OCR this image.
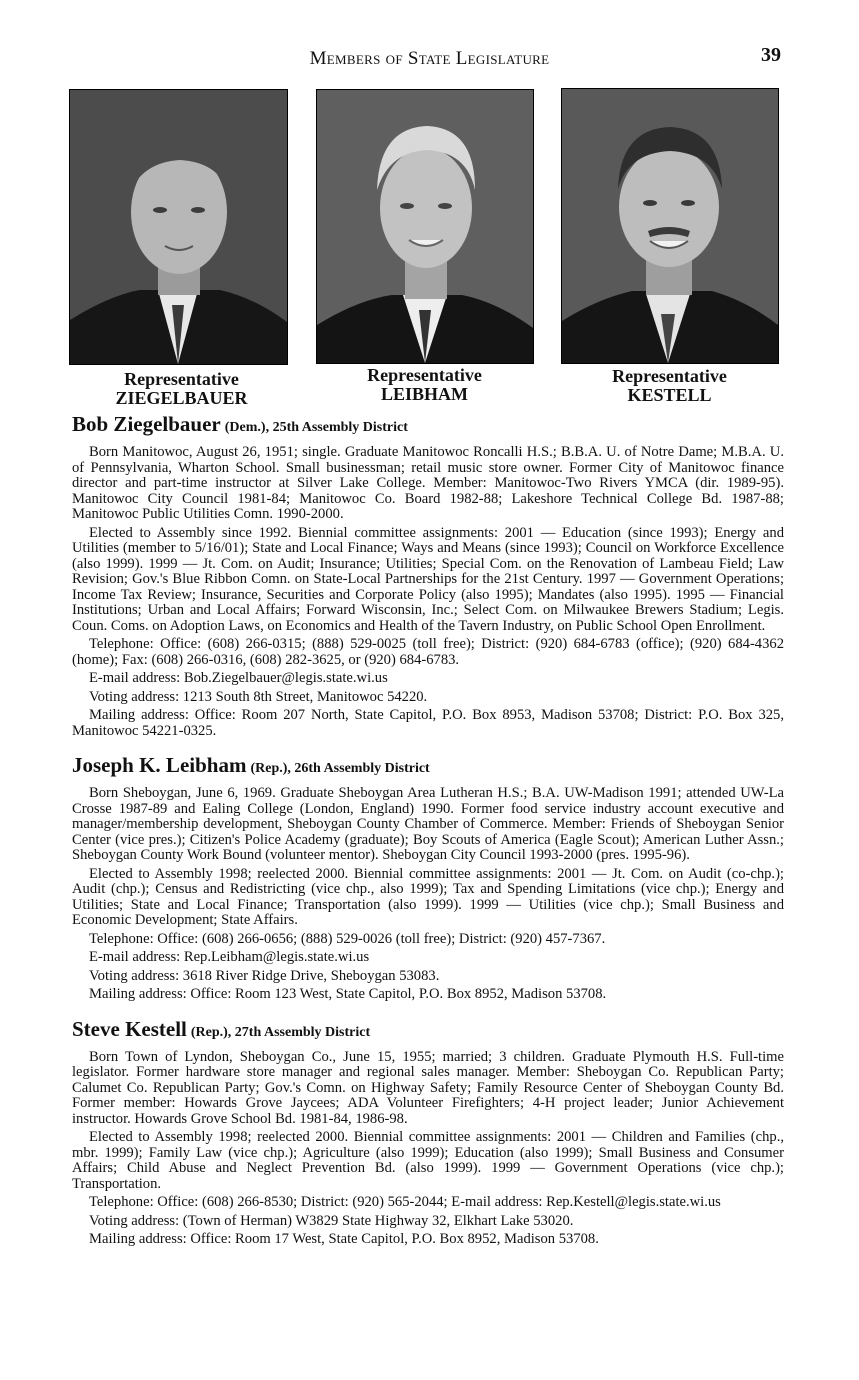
Members of State Legislature	39
Representative
ZIEGELBAUER
Representative
LEIBHAM
Representative
KESTELL
Bob Ziegelbauer (Dem.), 25th Assembly District

Born Manitowoc, August 26, 1951; single. Graduate Manitowoc Roncalli H.S.; B.B.A. U. of Notre Dame; M.B.A. U. of Pennsylvania, Wharton School. Small businessman; retail music store owner. Former City of Manitowoc finance director and part-time instructor at Silver Lake College. Member: Manitowoc-Two Rivers YMCA (dir. 1989-95). Manitowoc City Council 1981-84; Manitowoc Co. Board 1982-88; Lakeshore Technical College Bd. 1987-88; Manitowoc Public Utilities Comn. 1990-2000.

Elected to Assembly since 1992. Biennial committee assignments: 2001 — Education (since 1993); Energy and Utilities (member to 5/16/01); State and Local Finance; Ways and Means (since 1993); Council on Workforce Excellence (also 1999). 1999 — Jt. Com. on Audit; Insurance; Utilities; Special Com. on the Renovation of Lambeau Field; Law Revision; Gov.'s Blue Ribbon Comn. on State-Local Partnerships for the 21st Century. 1997 — Government Operations; Income Tax Review; Insurance, Securities and Corporate Policy (also 1995); Mandates (also 1995). 1995 — Financial Institutions; Urban and Local Affairs; Forward Wisconsin, Inc.; Select Com. on Milwaukee Brewers Stadium; Legis. Coun. Coms. on Adoption Laws, on Economics and Health of the Tavern Industry, on Public School Open Enrollment.

Telephone: Office: (608) 266-0315; (888) 529-0025 (toll free); District: (920) 684-6783 (office); (920) 684-4362 (home); Fax: (608) 266-0316, (608) 282-3625, or (920) 684-6783.

E-mail address: Bob.Ziegelbauer@legis.state.wi.us

Voting address: 1213 South 8th Street, Manitowoc 54220.

Mailing address: Office: Room 207 North, State Capitol, P.O. Box 8953, Madison 53708; District: P.O. Box 325, Manitowoc 54221-0325.

Joseph K. Leibham (Rep.), 26th Assembly District

Born Sheboygan, June 6, 1969. Graduate Sheboygan Area Lutheran H.S.; B.A. UW-Madison 1991; attended UW-La Crosse 1987-89 and Ealing College (London, England) 1990. Former food service industry account executive and manager/membership development, Sheboygan County Chamber of Commerce. Member: Friends of Sheboygan Senior Center (vice pres.); Citizen's Police Academy (graduate); Boy Scouts of America (Eagle Scout); American Luther Assn.; Sheboygan County Work Bound (volunteer mentor). Sheboygan City Council 1993-2000 (pres. 1995-96).

Elected to Assembly 1998; reelected 2000. Biennial committee assignments: 2001 — Jt. Com. on Audit (co-chp.); Audit (chp.); Census and Redistricting (vice chp., also 1999); Tax and Spending Limitations (vice chp.); Energy and Utilities; State and Local Finance; Transportation (also 1999). 1999 — Utilities (vice chp.); Small Business and Economic Development; State Affairs.

Telephone: Office: (608) 266-0656; (888) 529-0026 (toll free); District: (920) 457-7367.

E-mail address: Rep.Leibham@legis.state.wi.us

Voting address: 3618 River Ridge Drive, Sheboygan 53083.

Mailing address: Office: Room 123 West, State Capitol, P.O. Box 8952, Madison 53708.

Steve Kestell (Rep.), 27th Assembly District

Born Town of Lyndon, Sheboygan Co., June 15, 1955; married; 3 children. Graduate Plymouth H.S. Full-time legislator. Former hardware store manager and regional sales manager. Member: Sheboygan Co. Republican Party; Calumet Co. Republican Party; Gov.'s Comn. on Highway Safety; Family Resource Center of Sheboygan County Bd. Former member: Howards Grove Jaycees; ADA Volunteer Firefighters; 4-H project leader; Junior Achievement instructor. Howards Grove School Bd. 1981-84, 1986-98.

Elected to Assembly 1998; reelected 2000. Biennial committee assignments: 2001 — Children and Families (chp., mbr. 1999); Family Law (vice chp.); Agriculture (also 1999); Education (also 1999); Small Business and Consumer Affairs; Child Abuse and Neglect Prevention Bd. (also 1999). 1999 — Government Operations (vice chp.); Transportation.

Telephone: Office: (608) 266-8530; District: (920) 565-2044; E-mail address: Rep.Kestell@legis.state.wi.us

Voting address: (Town of Herman) W3829 State Highway 32, Elkhart Lake 53020.

Mailing address: Office: Room 17 West, State Capitol, P.O. Box 8952, Madison 53708.
